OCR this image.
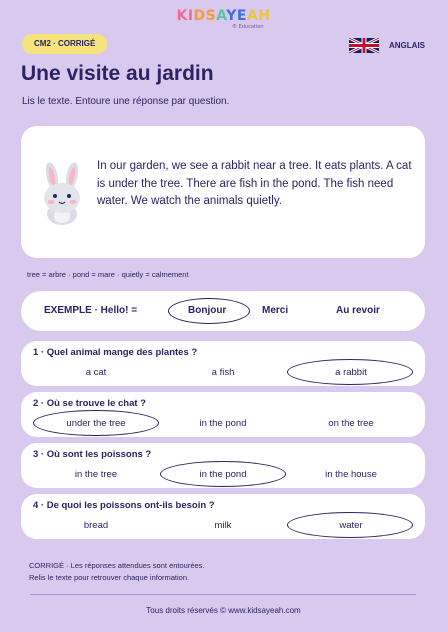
KIDSAYEAH
® Education
CM2 · CORRIGÉ	ANGLAIS
Une visite au jardin
Lis le texte. Entoure une réponse par question.

In our garden, we see a rabbit near a tree. It eats plants. A cat is under the tree. There are fish in the pond. The fish need water. We watch the animals quietly.

tree = arbre · pond = mare · quietly = calmement
EXEMPLE · Hello! =	Bonjour	Merci	Au revoir
1 · Quel animal mange des plantes ?
a cat	a fish	a rabbit
2 · Où se trouve le chat ?
under the tree	in the pond	on the tree
3 · Où sont les poissons ?
in the tree	in the pond	in the house
4 · De quoi les poissons ont-ils besoin ?
bread	milk	water
CORRIGÉ · Les réponses attendues sont entourées.
Relis le texte pour retrouver chaque information.
Tous droits réservés © www.kidsayeah.com
